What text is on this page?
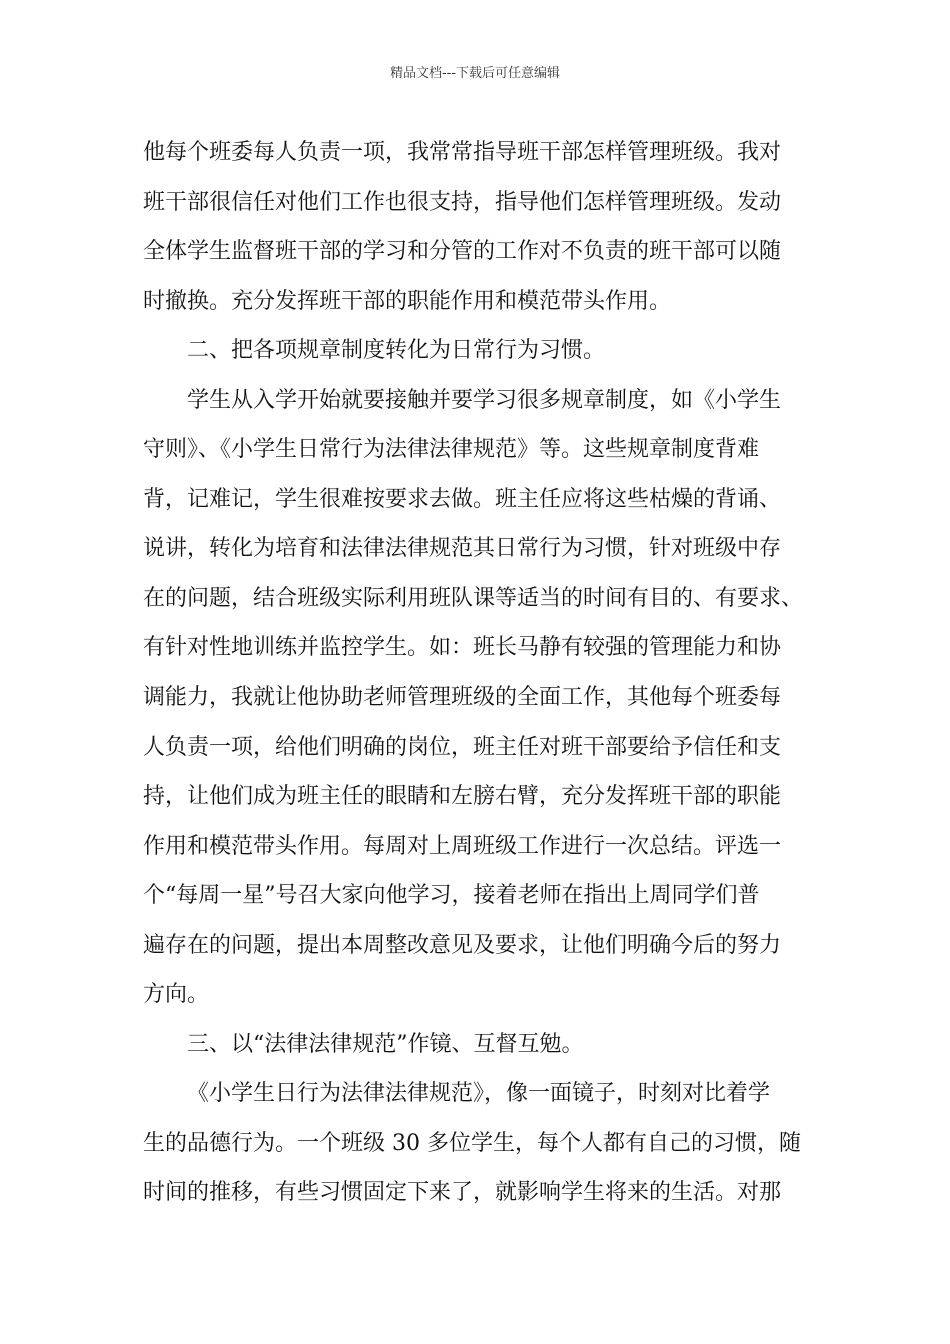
精品文档---下载后可任意编辑
他每个班委每人负责一项，我常常指导班干部怎样管理班级。我对
班干部很信任对他们工作也很支持，指导他们怎样管理班级。发动
全体学生监督班干部的学习和分管的工作对不负责的班干部可以随
时撤换。充分发挥班干部的职能作用和模范带头作用。
二、把各项规章制度转化为日常行为习惯。
学生从入学开始就要接触并要学习很多规章制度，如《小学生
守则》、《小学生日常行为法律法律规范》等。这些规章制度背难
背，记难记，学生很难按要求去做。班主任应将这些枯燥的背诵、
说讲，转化为培育和法律法律规范其日常行为习惯，针对班级中存
在的问题，结合班级实际利用班队课等适当的时间有目的、有要求、
有针对性地训练并监控学生。如：班长马静有较强的管理能力和协
调能力，我就让他协助老师管理班级的全面工作，其他每个班委每
人负责一项，给他们明确的岗位，班主任对班干部要给予信任和支
持，让他们成为班主任的眼睛和左膀右臂，充分发挥班干部的职能
作用和模范带头作用。每周对上周班级工作进行一次总结。评选一
个“每周一星”号召大家向他学习，接着老师在指出上周同学们普
遍存在的问题，提出本周整改意见及要求，让他们明确今后的努力
方向。
三、以“法律法律规范”作镜、互督互勉。
《小学生日行为法律法律规范》，像一面镜子，时刻对比着学
生的品德行为。一个班级 30 多位学生，每个人都有自己的习惯，随
时间的推移，有些习惯固定下来了，就影响学生将来的生活。对那
